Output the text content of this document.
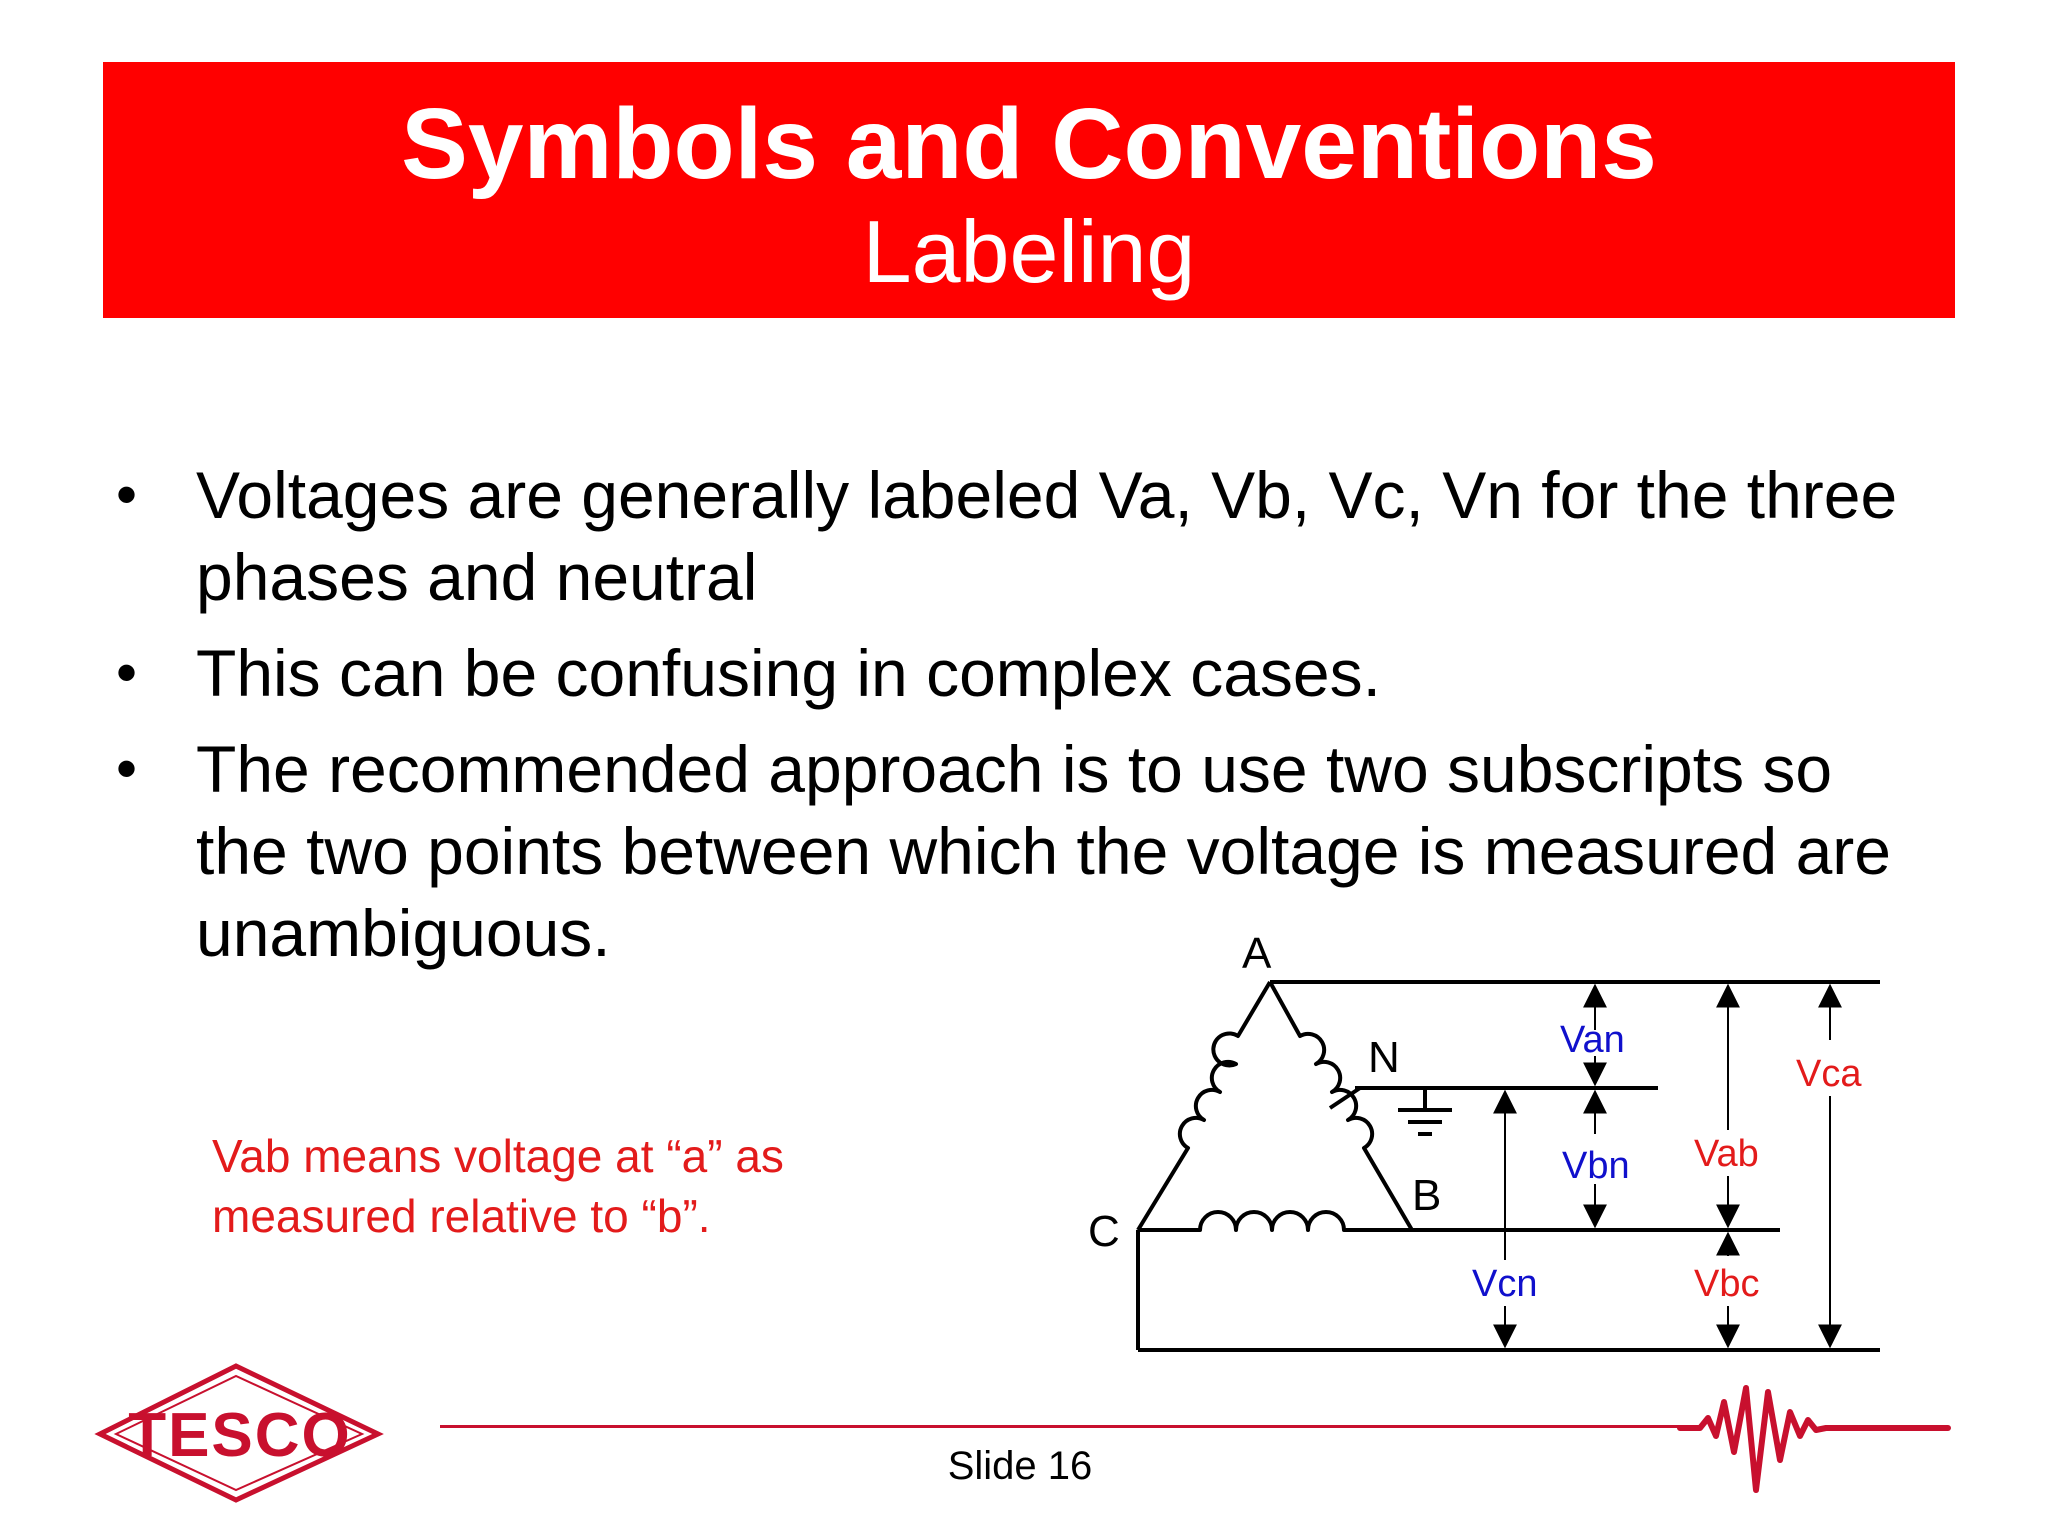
Symbols and Conventions
Labeling
• Voltages are generally labeled Va, Vb, Vc, Vn for the three phases and neutral
• This can be confusing in complex cases.
• The recommended approach is to use two subscripts so the two points between which the voltage is measured are unambiguous.
Vab means voltage at “a” as measured relative to “b”.
A
N
B
C
Van
Vbn
Vcn
Vab
Vbc
Vca
TESCO	Slide 16
